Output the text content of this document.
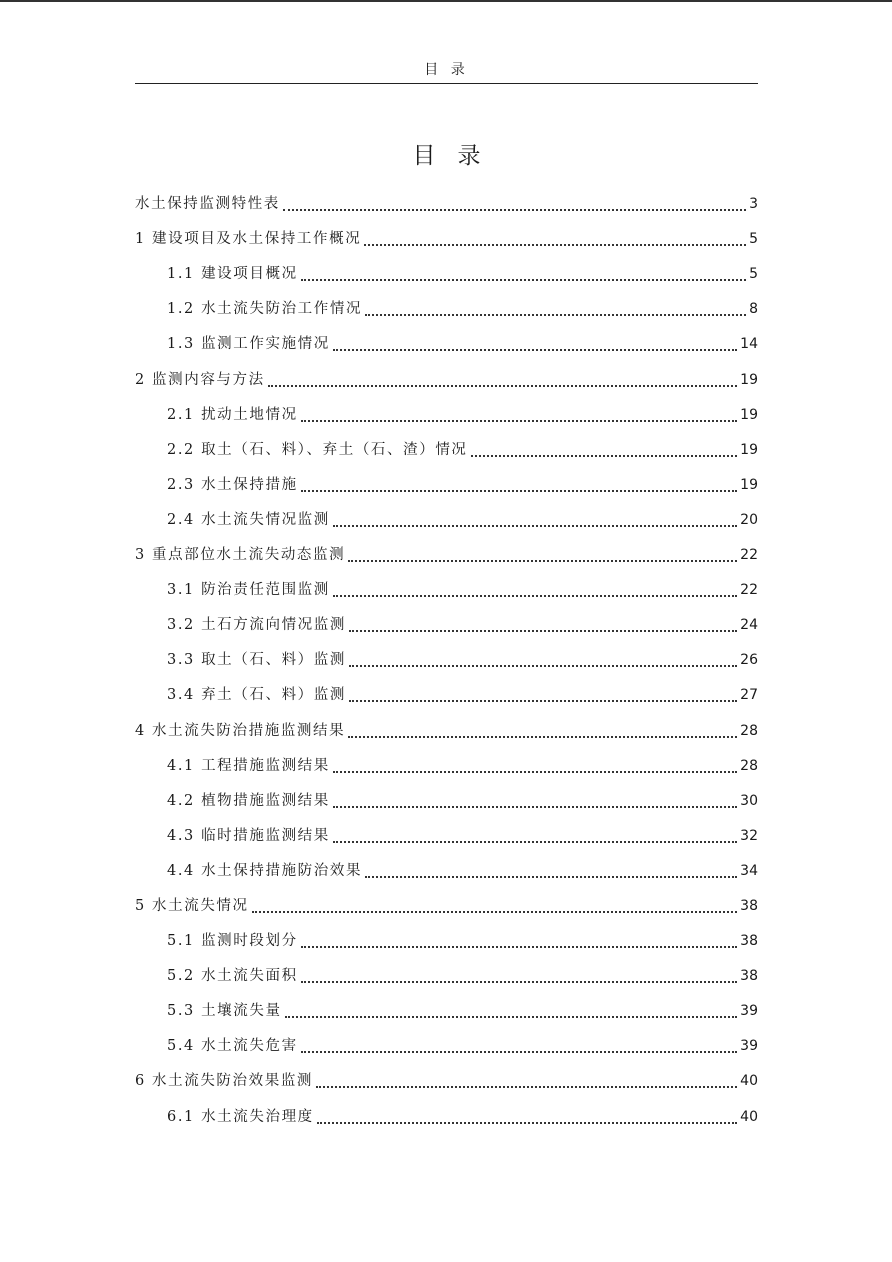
目 录
目录
水土保持监测特性表	3
1 建设项目及水土保持工作概况	5
1.1 建设项目概况	5
1.2 水土流失防治工作情况	8
1.3 监测工作实施情况	14
2 监测内容与方法	19
2.1 扰动土地情况	19
2.2 取土（石、料）、弃土（石、渣）情况	19
2.3 水土保持措施	19
2.4 水土流失情况监测	20
3 重点部位水土流失动态监测	22
3.1 防治责任范围监测	22
3.2 土石方流向情况监测	24
3.3 取土（石、料）监测	26
3.4 弃土（石、料）监测	27
4 水土流失防治措施监测结果	28
4.1 工程措施监测结果	28
4.2 植物措施监测结果	30
4.3 临时措施监测结果	32
4.4 水土保持措施防治效果	34
5 水土流失情况	38
5.1 监测时段划分	38
5.2 水土流失面积	38
5.3 土壤流失量	39
5.4 水土流失危害	39
6 水土流失防治效果监测	40
6.1 水土流失治理度	40
